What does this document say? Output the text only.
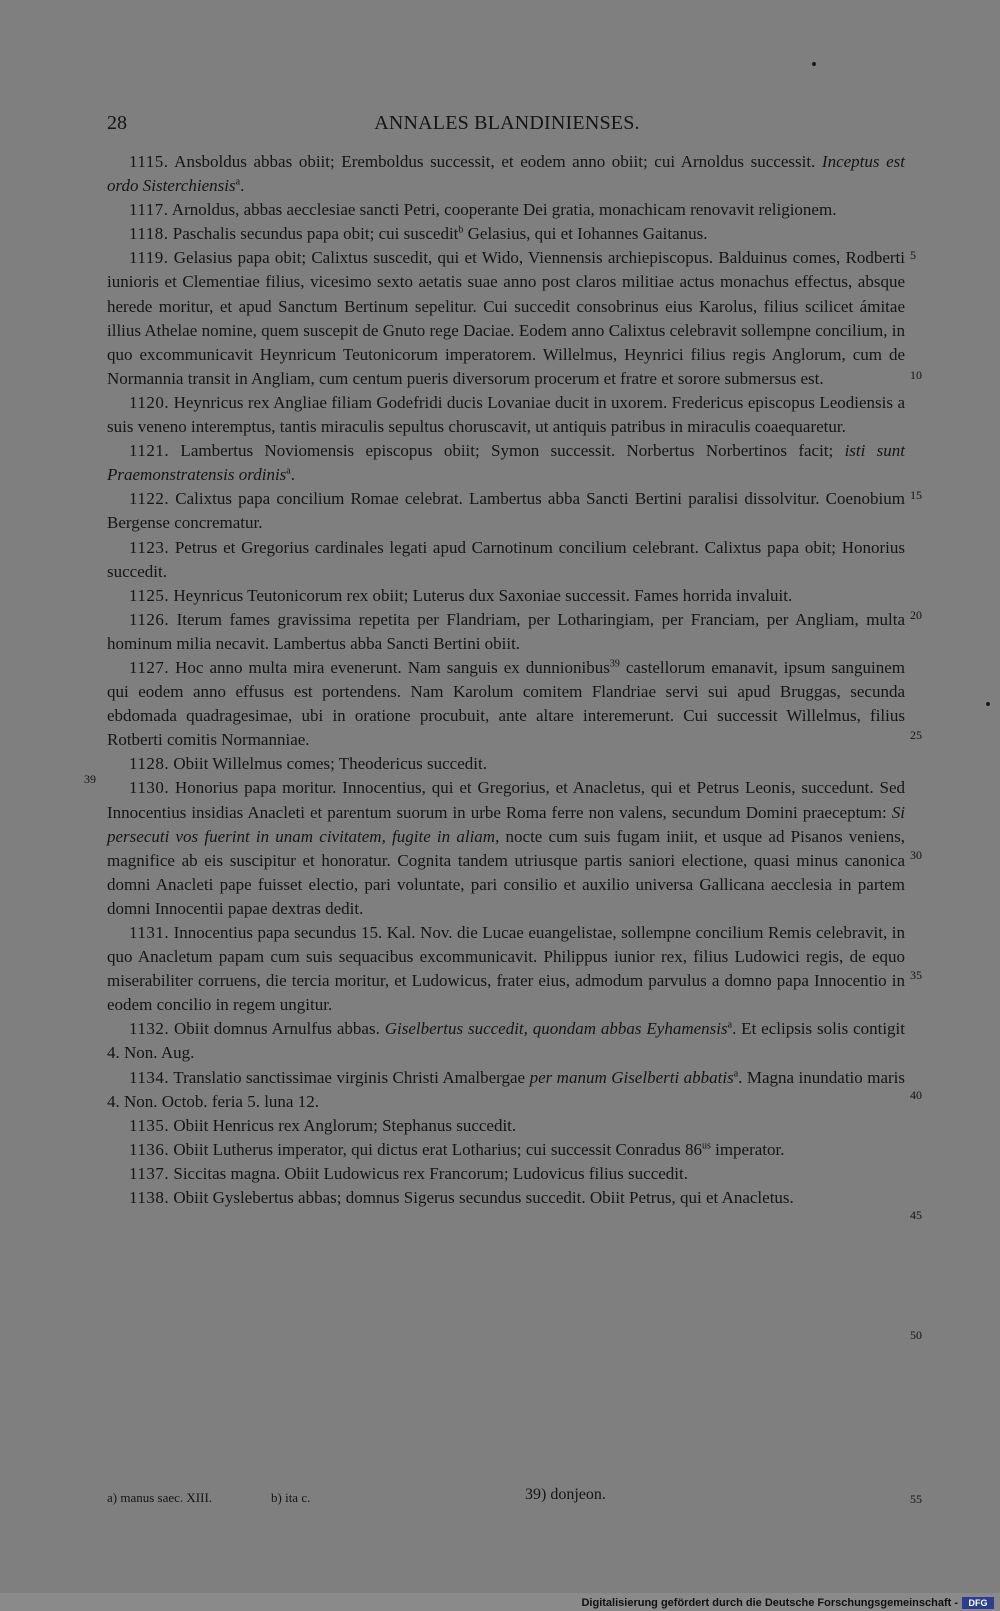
28	ANNALES BLANDINIENSES.

1115. Ansboldus abbas obiit; Eremboldus successit, et eodem anno obiit; cui Arnoldus successit. Inceptus est ordo Sisterchiensis$^a$.

1117. Arnoldus, abbas aecclesiae sancti Petri, cooperante Dei gratia, monachicam renovavit religionem.

1118. Paschalis secundus papa obit; cui suscedit$^b$ Gelasius, qui et Iohannes Gaitanus.

1119. Gelasius papa obit; Calixtus suscedit, qui et Wido, Viennensis archiepiscopus. Balduinus comes, Rodberti iunioris et Clementiae filius, vicesimo sexto aetatis suae anno post claros militiae actus monachus effectus, absque herede moritur, et apud Sanctum Bertinum sepelitur. Cui succedit consobrinus eius Karolus, filius scilicet ámitae illius Athelae nomine, quem suscepit de Gnuto rege Daciae. Eodem anno Calixtus celebravit sollempne concilium, in quo excommunicavit Heynricum Teutonicorum imperatorem. Willelmus, Heynrici filius regis Anglorum, cum de Normannia transit in Angliam, cum centum pueris diversorum procerum et fratre et sorore submersus est.

1120. Heynricus rex Angliae filiam Godefridi ducis Lovaniae ducit in uxorem. Fredericus episcopus Leodiensis a suis veneno interemptus, tantis miraculis sepultus choruscavit, ut antiquis patribus in miraculis coaequaretur.

1121. Lambertus Noviomensis episcopus obiit; Symon successit. Norbertus Norbertinos facit; isti sunt Praemonstratensis ordinis$^a$.

1122. Calixtus papa concilium Romae celebrat. Lambertus abba Sancti Bertini paralisi dissolvitur. Coenobium Bergense concrematur.

1123. Petrus et Gregorius cardinales legati apud Carnotinum concilium celebrant. Calixtus papa obit; Honorius succedit.

1125. Heynricus Teutonicorum rex obiit; Luterus dux Saxoniae successit. Fames horrida invaluit.

1126. Iterum fames gravissima repetita per Flandriam, per Lotharingiam, per Franciam, per Angliam, multa hominum milia necavit. Lambertus abba Sancti Bertini obiit.

1127. Hoc anno multa mira evenerunt. Nam sanguis ex dunnionibus$^{39}$ castellorum emanavit, ipsum sanguinem qui eodem anno effusus est portendens. Nam Karolum comitem Flandriae servi sui apud Bruggas, secunda ebdomada quadragesimae, ubi in oratione procubuit, ante altare interemerunt. Cui successit Willelmus, filius Rotberti comitis Normanniae.

1128. Obiit Willelmus comes; Theodericus succedit.

1130. Honorius papa moritur. Innocentius, qui et Gregorius, et Anacletus, qui et Petrus Leonis, succedunt. Sed Innocentius insidias Anacleti et parentum suorum in urbe Roma ferre non valens, secundum Domini praeceptum: Si persecuti vos fuerint in unam civitatem, fugite in aliam, nocte cum suis fugam iniit, et usque ad Pisanos veniens, magnifice ab eis suscipitur et honoratur. Cognita tandem utriusque partis saniori electione, quasi minus canonica domni Anacleti pape fuisset electio, pari voluntate, pari consilio et auxilio universa Gallicana aecclesia in partem domni Innocentii papae dextras dedit.

1131. Innocentius papa secundus 15. Kal. Nov. die Lucae euangelistae, sollempne concilium Remis celebravit, in quo Anacletum papam cum suis sequacibus excommunicavit. Philippus iunior rex, filius Ludowici regis, de equo miserabiliter corruens, die tercia moritur, et Ludowicus, frater eius, admodum parvulus a domno papa Innocentio in eodem concilio in regem ungitur.

1132. Obiit domnus Arnulfus abbas. Giselbertus succedit, quondam abbas Eyhamensis$^a$. Et eclipsis solis contigit 4. Non. Aug.

1134. Translatio sanctissimae virginis Christi Amalbergae per manum Giselberti abbatis$^a$. Magna inundatio maris 4. Non. Octob. feria 5. luna 12.

1135. Obiit Henricus rex Anglorum; Stephanus succedit.

1136. Obiit Lutherus imperator, qui dictus erat Lotharius; cui successit Conradus $86^{us}$ imperator.

1137. Siccitas magna. Obiit Ludowicus rex Francorum; Ludovicus filius succedit.

1138. Obiit Gyslebertus abbas; domnus Sigerus secundus succedit. Obiit Petrus, qui et Anacletus.

39
5
10
15
20
25
30
35
40
45
50
55
a) manus saec. XIII.	b) ita c.	39) donjeon.
Digitalisierung gefördert durch die Deutsche Forschungsgemeinschaft -	DFG
